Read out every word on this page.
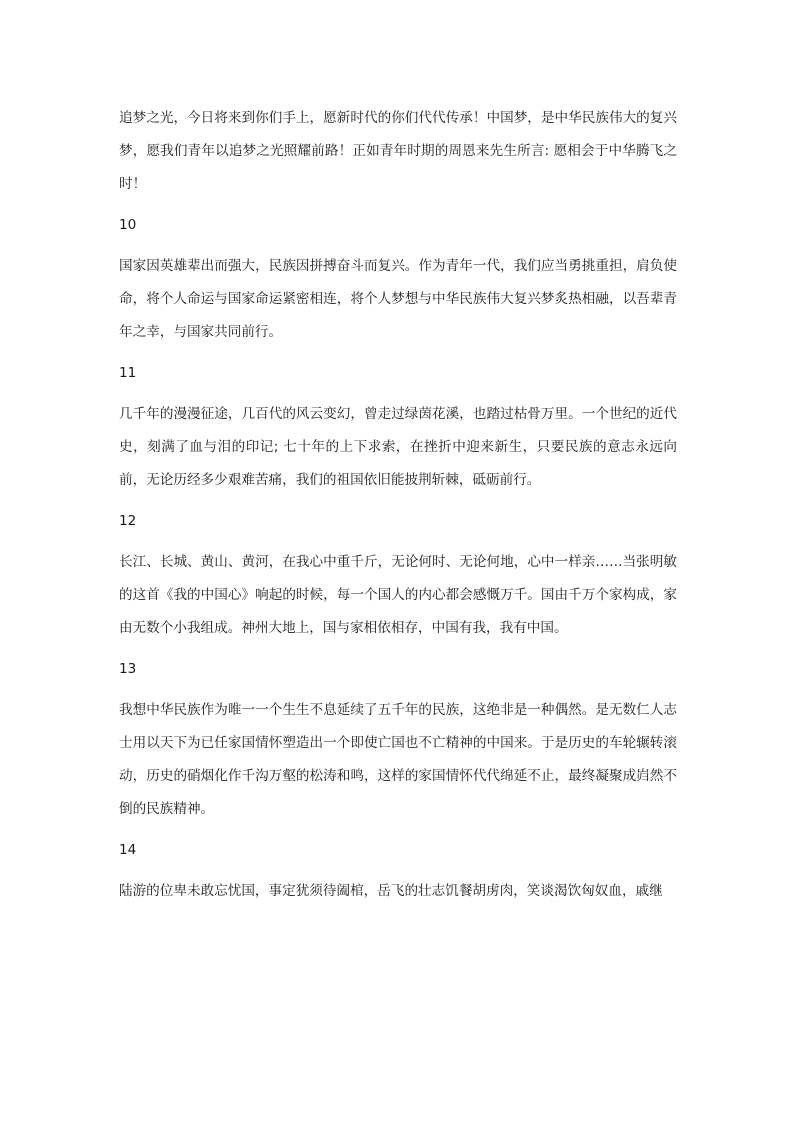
追梦之光，今日将来到你们手上，愿新时代的你们代代传承！中国梦，是中华民族伟大的复兴梦，愿我们青年以追梦之光照耀前路！正如青年时期的周恩来先生所言: 愿相会于中华腾飞之时！

10

国家因英雄辈出而强大，民族因拼搏奋斗而复兴。作为青年一代，我们应当勇挑重担，肩负使命，将个人命运与国家命运紧密相连，将个人梦想与中华民族伟大复兴梦炙热相融，以吾辈青年之幸，与国家共同前行。

11

几千年的漫漫征途，几百代的风云变幻，曾走过绿茵花溪，也踏过枯骨万里。一个世纪的近代史，刻满了血与泪的印记; 七十年的上下求索，在挫折中迎来新生，只要民族的意志永远向前，无论历经多少艰难苦痛，我们的祖国依旧能披荆斩棘，砥砺前行。

12

长江、长城、黄山、黄河，在我心中重千斤，无论何时、无论何地，心中一样亲……当张明敏的这首《我的中国心》响起的时候，每一个国人的内心都会感慨万千。国由千万个家构成，家由无数个小我组成。神州大地上，国与家相依相存，中国有我，我有中国。

13

我想中华民族作为唯一一个生生不息延续了五千年的民族，这绝非是一种偶然。是无数仁人志士用以天下为已任家国情怀塑造出一个即使亡国也不亡精神的中国来。于是历史的车轮辗转滚动，历史的硝烟化作千沟万壑的松涛和鸣，这样的家国情怀代代绵延不止，最终凝聚成岿然不倒的民族精神。

14

陆游的位卑未敢忘忧国，事定犹须待阖棺，岳飞的壮志饥餐胡虏肉，笑谈渴饮匈奴血，戚继
